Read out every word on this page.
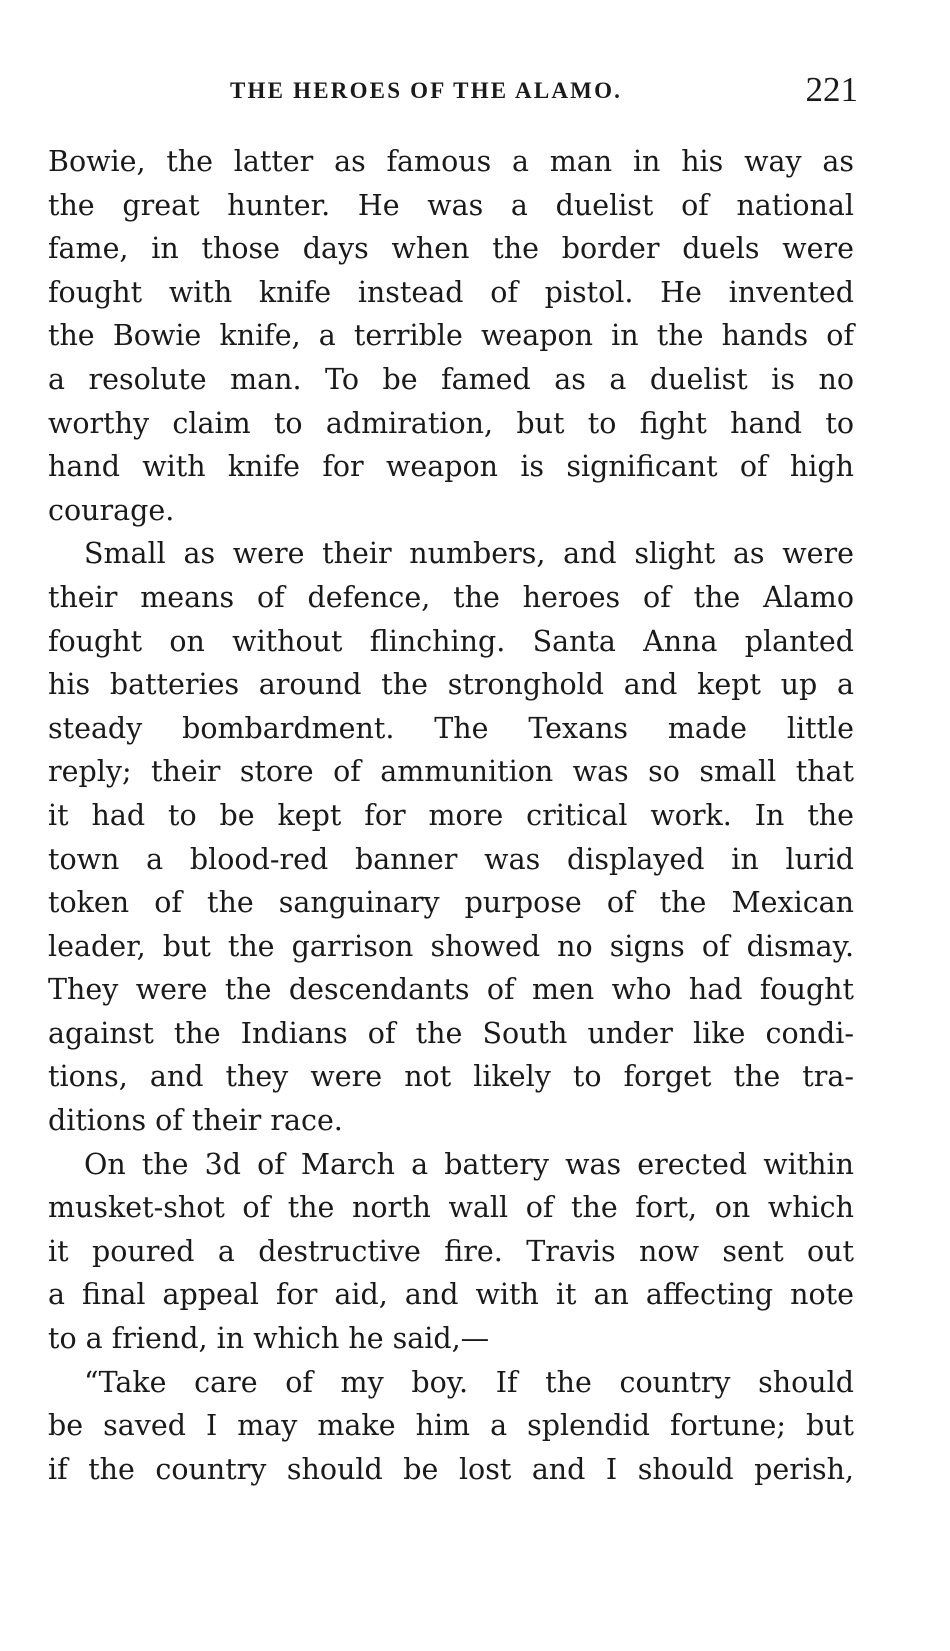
THE HEROES OF THE ALAMO.	221
Bowie, the latter as famous a man in his way as
the great hunter. He was a duelist of national
fame, in those days when the border duels were
fought with knife instead of pistol. He invented
the Bowie knife, a terrible weapon in the hands of
a resolute man. To be famed as a duelist is no
worthy claim to admiration, but to fight hand to
hand with knife for weapon is significant of high
courage.
Small as were their numbers, and slight as were
their means of defence, the heroes of the Alamo
fought on without flinching. Santa Anna planted
his batteries around the stronghold and kept up a
steady bombardment. The Texans made little
reply; their store of ammunition was so small that
it had to be kept for more critical work. In the
town a blood-red banner was displayed in lurid
token of the sanguinary purpose of the Mexican
leader, but the garrison showed no signs of dismay.
They were the descendants of men who had fought
against the Indians of the South under like condi-
tions, and they were not likely to forget the tra-
ditions of their race.
On the 3d of March a battery was erected within
musket-shot of the north wall of the fort, on which
it poured a destructive fire. Travis now sent out
a final appeal for aid, and with it an affecting note
to a friend, in which he said,—
“Take care of my boy. If the country should
be saved I may make him a splendid fortune; but
if the country should be lost and I should perish,
